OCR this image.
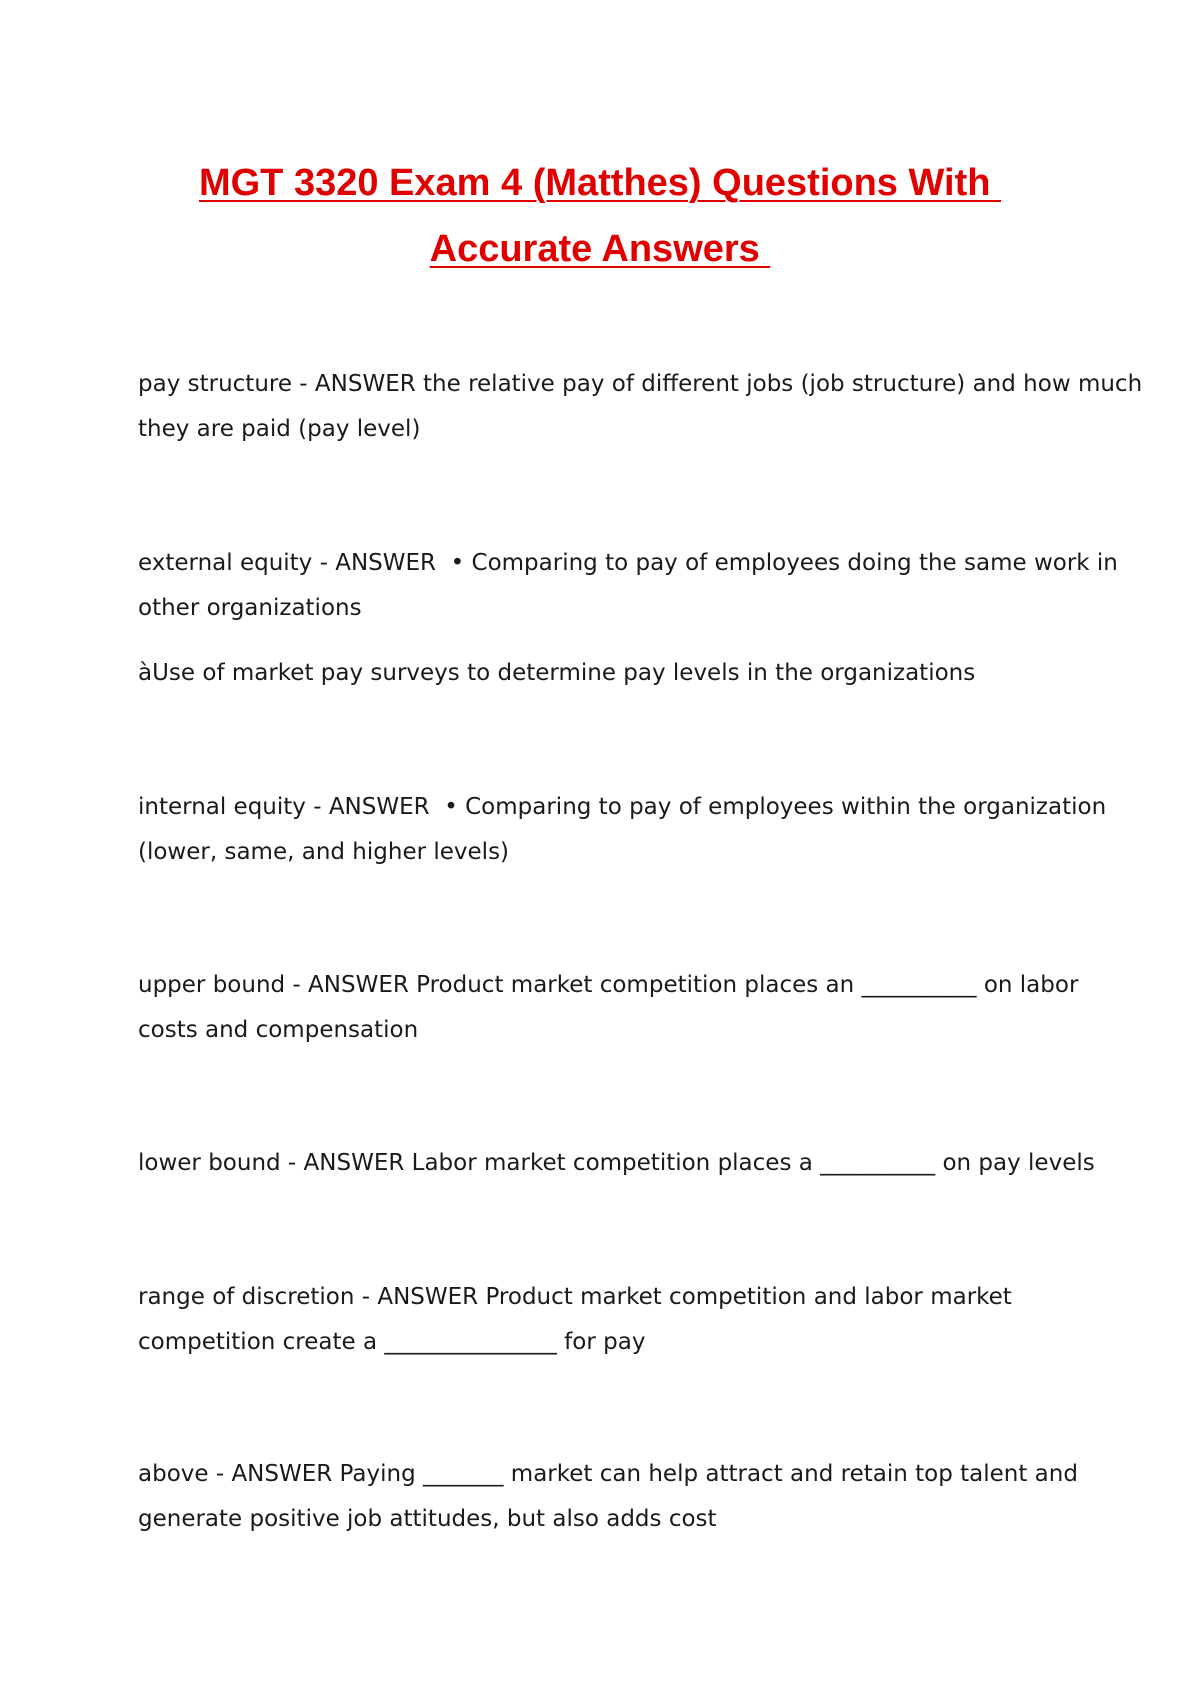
MGT 3320 Exam 4 (Matthes) Questions With
Accurate Answers

pay structure - ANSWER the relative pay of different jobs (job structure) and how much
they are paid (pay level)

external equity - ANSWER  • Comparing to pay of employees doing the same work in
other organizations

àUse of market pay surveys to determine pay levels in the organizations

internal equity - ANSWER  • Comparing to pay of employees within the organization
(lower, same, and higher levels)

upper bound - ANSWER Product market competition places an __________ on labor
costs and compensation

lower bound - ANSWER Labor market competition places a __________ on pay levels

range of discretion - ANSWER Product market competition and labor market
competition create a _______________ for pay

above - ANSWER Paying _______ market can help attract and retain top talent and
generate positive job attitudes, but also adds cost
